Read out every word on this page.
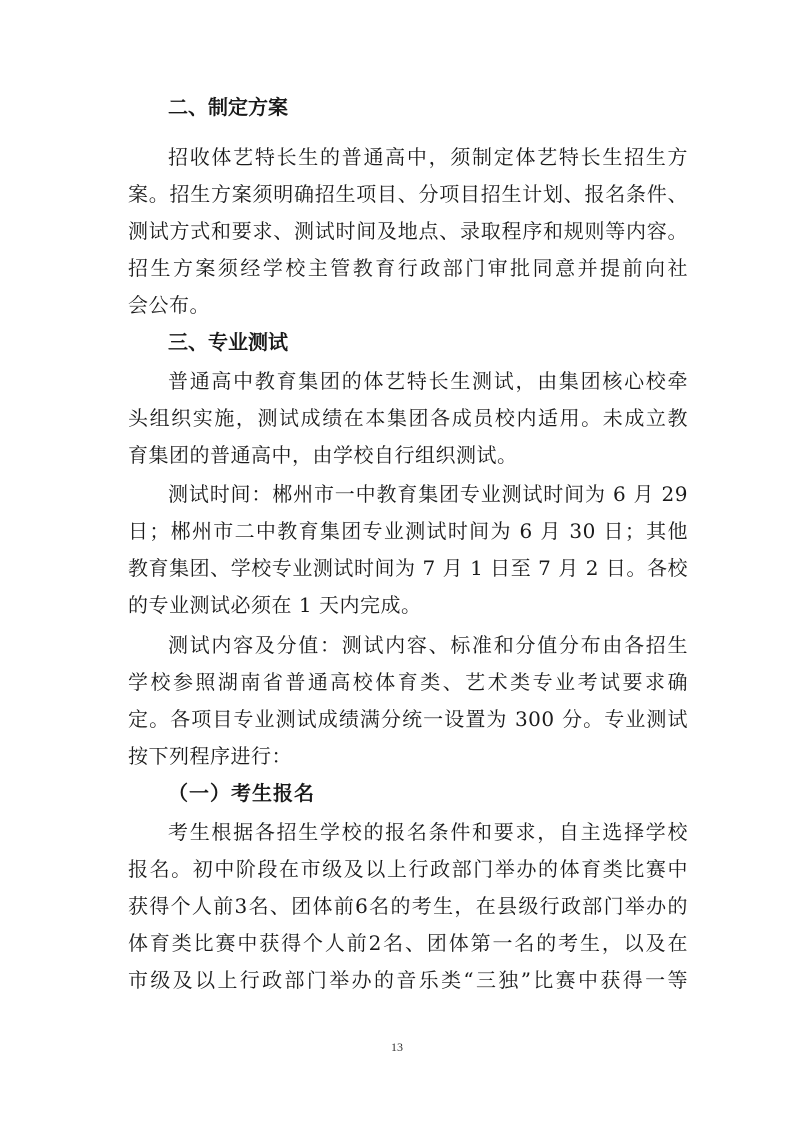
二、制定方案
招收体艺特长生的普通高中，须制定体艺特长生招生方
案。招生方案须明确招生项目、分项目招生计划、报名条件、
测试方式和要求、测试时间及地点、录取程序和规则等内容。
招生方案须经学校主管教育行政部门审批同意并提前向社
会公布。
三、专业测试
普通高中教育集团的体艺特长生测试，由集团核心校牵
头组织实施，测试成绩在本集团各成员校内适用。未成立教
育集团的普通高中，由学校自行组织测试。
测试时间：郴州市一中教育集团专业测试时间为 6 月 29
日；郴州市二中教育集团专业测试时间为 6 月 30 日；其他
教育集团、学校专业测试时间为 7 月 1 日至 7 月 2 日。各校
的专业测试必须在 1 天内完成。
测试内容及分值：测试内容、标准和分值分布由各招生
学校参照湖南省普通高校体育类、艺术类专业考试要求确
定。各项目专业测试成绩满分统一设置为 300 分。专业测试
按下列程序进行：
（一）考生报名
考生根据各招生学校的报名条件和要求，自主选择学校
报名。初中阶段在市级及以上行政部门举办的体育类比赛中
获得个人前3名、团体前6名的考生，在县级行政部门举办的
体育类比赛中获得个人前2名、团体第一名的考生，以及在
市级及以上行政部门举办的音乐类“三独”比赛中获得一等
13
